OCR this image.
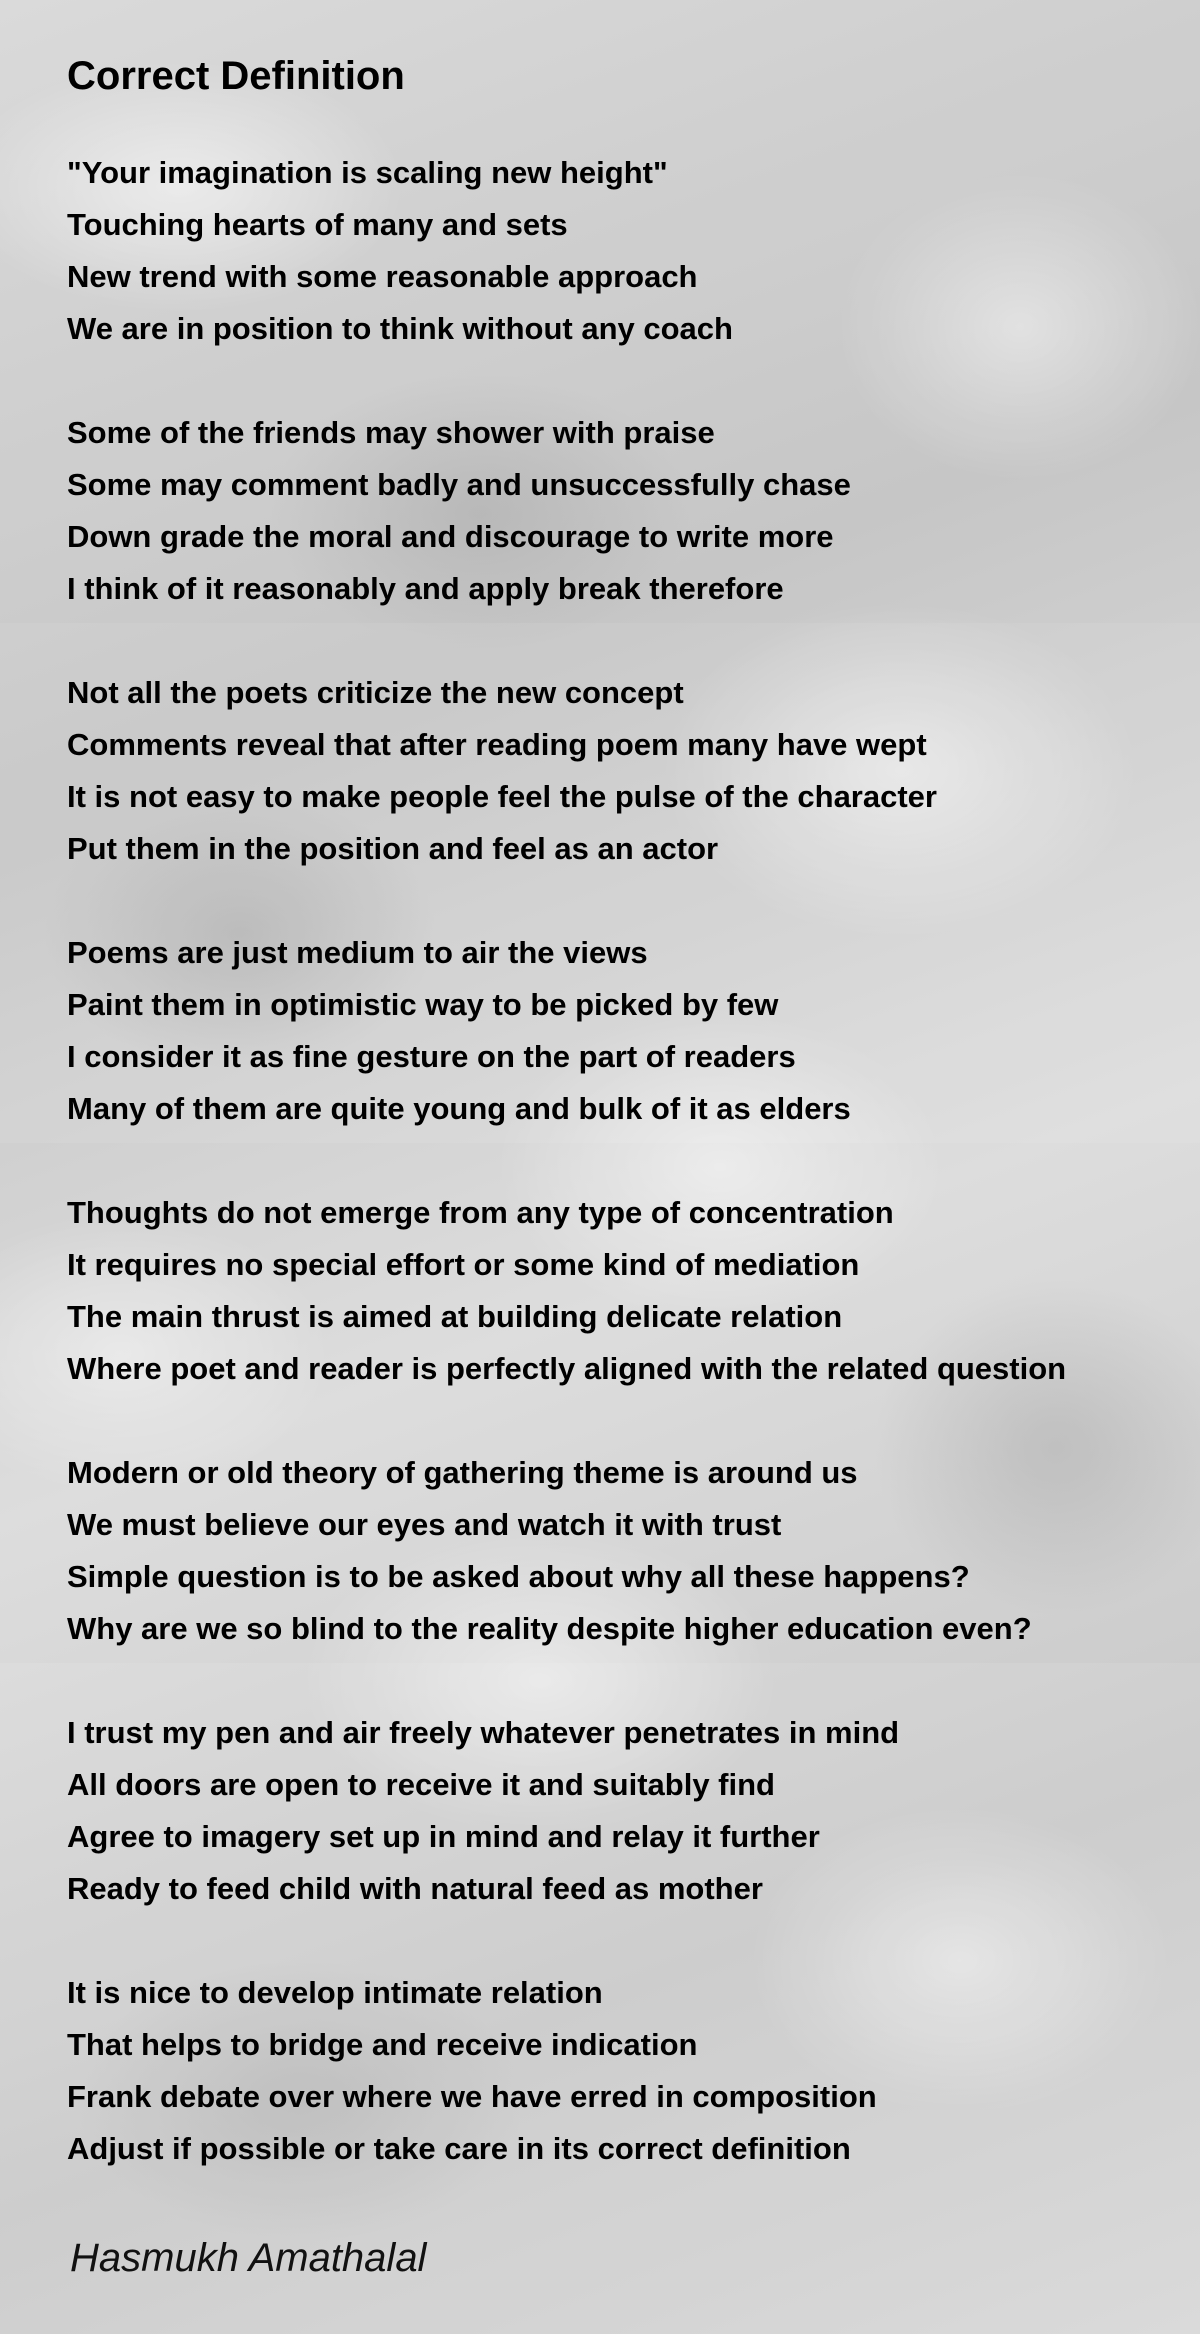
Correct Definition
"Your imagination is scaling new height"
Touching hearts of many and sets
New trend with some reasonable approach
We are in position to think without any coach
Some of the friends may shower with praise
Some may comment badly and unsuccessfully chase
Down grade the moral and discourage to write more
I think of it reasonably and apply break therefore
Not all the poets criticize the new concept
Comments reveal that after reading poem many have wept
It is not easy to make people feel the pulse of the character
Put them in the position and feel as an actor
Poems are just medium to air the views
Paint them in optimistic way to be picked by few
I consider it as fine gesture on the part of readers
Many of them are quite young and bulk of it as elders
Thoughts do not emerge from any type of concentration
It requires no special effort or some kind of mediation
The main thrust is aimed at building delicate relation
Where poet and reader is perfectly aligned with the related question
Modern or old theory of gathering theme is around us
We must believe our eyes and watch it with trust
Simple question is to be asked about why all these happens?
Why are we so blind to the reality despite higher education even?
I trust my pen and air freely whatever penetrates in mind
All doors are open to receive it and suitably find
Agree to imagery set up in mind and relay it further
Ready to feed child with natural feed as mother
It is nice to develop intimate relation
That helps to bridge and receive indication
Frank debate over where we have erred in composition
Adjust if possible or take care in its correct definition
Hasmukh Amathalal
